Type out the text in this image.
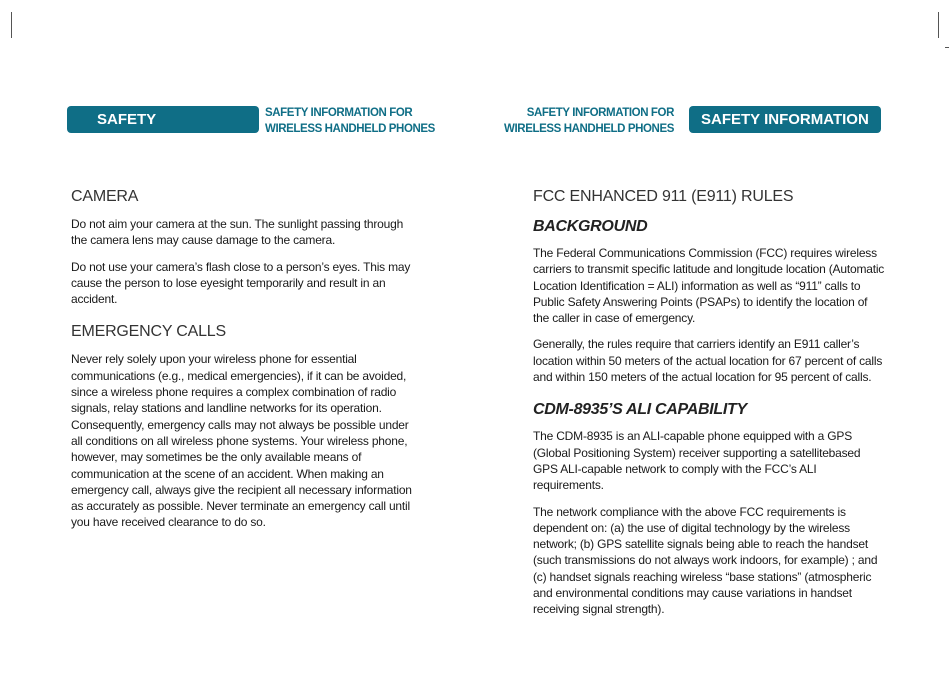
SAFETY INFORMATION
SAFETY INFORMATION FOR
WIRELESS HANDHELD PHONES
CAMERA

Do not aim your camera at the sun. The sunlight passing through the camera lens may cause damage to the camera.

Do not use your camera’s flash close to a person’s eyes. This may cause the person to lose eyesight temporarily and result in an accident.

EMERGENCY CALLS

Never rely solely upon your wireless phone for essential communications (e.g., medical emergencies), if it can be avoided, since a wireless phone requires a complex combination of radio signals, relay stations and landline networks for its operation. Consequently, emergency calls may not always be possible under all conditions on all wireless phone systems. Your wireless phone, however, may sometimes be the only available means of communication at the scene of an accident. When making an emergency call, always give the recipient all necessary information as accurately as possible. Never terminate an emergency call until you have received clearance to do so.

SAFETY INFORMATION FOR
WIRELESS HANDHELD PHONES
SAFETY INFORMATION
FCC ENHANCED 911 (E911) RULES
BACKGROUND

The Federal Communications Commission (FCC) requires wireless carriers to transmit specific latitude and longitude location (Automatic Location Identification = ALI) information as well as “911” calls to Public Safety Answering Points (PSAPs) to identify the location of the caller in case of emergency.

Generally, the rules require that carriers identify an E911 caller’s location within 50 meters of the actual location for 67 percent of calls and within 150 meters of the actual location for 95 percent of calls.

CDM-8935’S ALI CAPABILITY

The CDM-8935 is an ALI-capable phone equipped with a GPS (Global Positioning System) receiver supporting a satellitebased GPS ALI-capable network to comply with the FCC’s ALI requirements.

The network compliance with the above FCC requirements is dependent on: (a) the use of digital technology by the wireless network; (b) GPS satellite signals being able to reach the handset (such transmissions do not always work indoors, for example) ; and (c) handset signals reaching wireless “base stations” (atmospheric and environmental conditions may cause variations in handset receiving signal strength).
